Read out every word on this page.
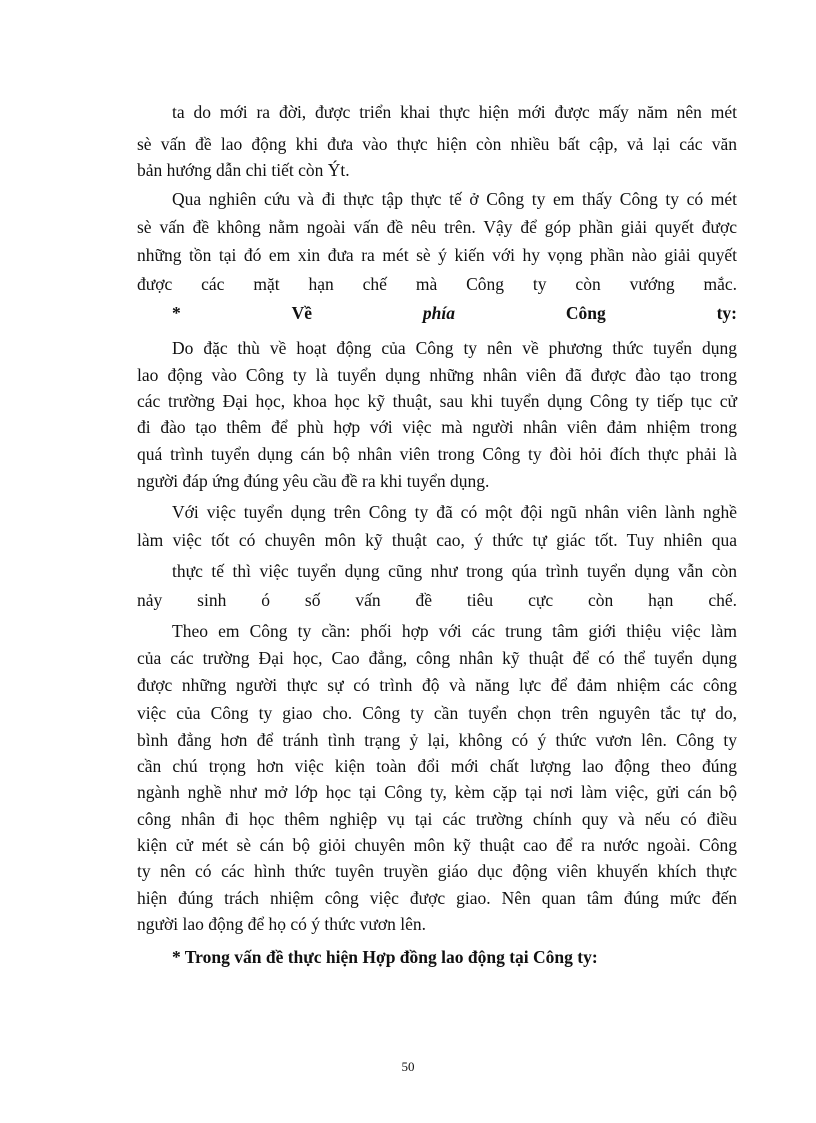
ta do mới ra đời, được triển khai thực hiện mới được mấy năm nên mét
sè vấn đề lao động khi đưa vào thực hiện còn nhiều bất cập, vả lại các văn
bản hướng dẫn chi tiết còn Ýt.
Qua nghiên cứu và đi thực tập thực tế ở Công ty em thấy Công ty có mét
sè vấn đề không nằm ngoài vấn đề nêu trên. Vậy để góp phần giải quyết được
những tồn tại đó em xin đưa ra mét sè ý kiến với hy vọng phần nào giải quyết
được các mặt hạn chế mà Công ty còn vướng mắc.
*	Về	phía	Công	ty:
Do đặc thù về hoạt động của Công ty nên về phương thức tuyển dụng
lao động vào Công ty là tuyển dụng những nhân viên đã được đào tạo trong
các trường Đại học, khoa học kỹ thuật, sau khi tuyển dụng Công ty tiếp tục cử
đi đào tạo thêm để phù hợp với việc mà người nhân viên đảm nhiệm trong
quá trình tuyển dụng cán bộ nhân viên trong Công ty đòi hỏi đích thực phải là
người đáp ứng đúng yêu cầu đề ra khi tuyển dụng.
Với việc tuyển dụng trên Công ty đã có một đội ngũ nhân viên lành nghề
làm việc tốt có chuyên môn kỹ thuật cao, ý thức tự giác tốt. Tuy nhiên qua
thực tế thì việc tuyển dụng cũng như trong qúa trình tuyển dụng vẫn còn
nảy sinh ó số vấn đề tiêu cực còn hạn chế.
Theo em Công ty cần: phối hợp với các trung tâm giới thiệu việc làm
của các trường Đại học, Cao đẳng, công nhân kỹ thuật để có thể tuyển dụng
được những người thực sự có trình độ và năng lực để đảm nhiệm các công
việc của Công ty giao cho. Công ty cần tuyển chọn trên nguyên tắc tự do,
bình đẳng hơn để tránh tình trạng ỷ lại, không có ý thức vươn lên. Công ty
cần chú trọng hơn việc kiện toàn đổi mới chất lượng lao động theo đúng
ngành nghề như mở lớp học tại Công ty, kèm cặp tại nơi làm việc, gửi cán bộ
công nhân đi học thêm nghiệp vụ tại các trường chính quy và nếu có điều
kiện cử mét sè cán bộ giỏi chuyên môn kỹ thuật cao để ra nước ngoài. Công
ty nên có các hình thức tuyên truyền giáo dục động viên khuyến khích thực
hiện đúng trách nhiệm công việc được giao. Nên quan tâm đúng mức đến
người lao động để họ có ý thức vươn lên.
* Trong vấn đề thực hiện Hợp đồng lao động tại Công ty:
50
